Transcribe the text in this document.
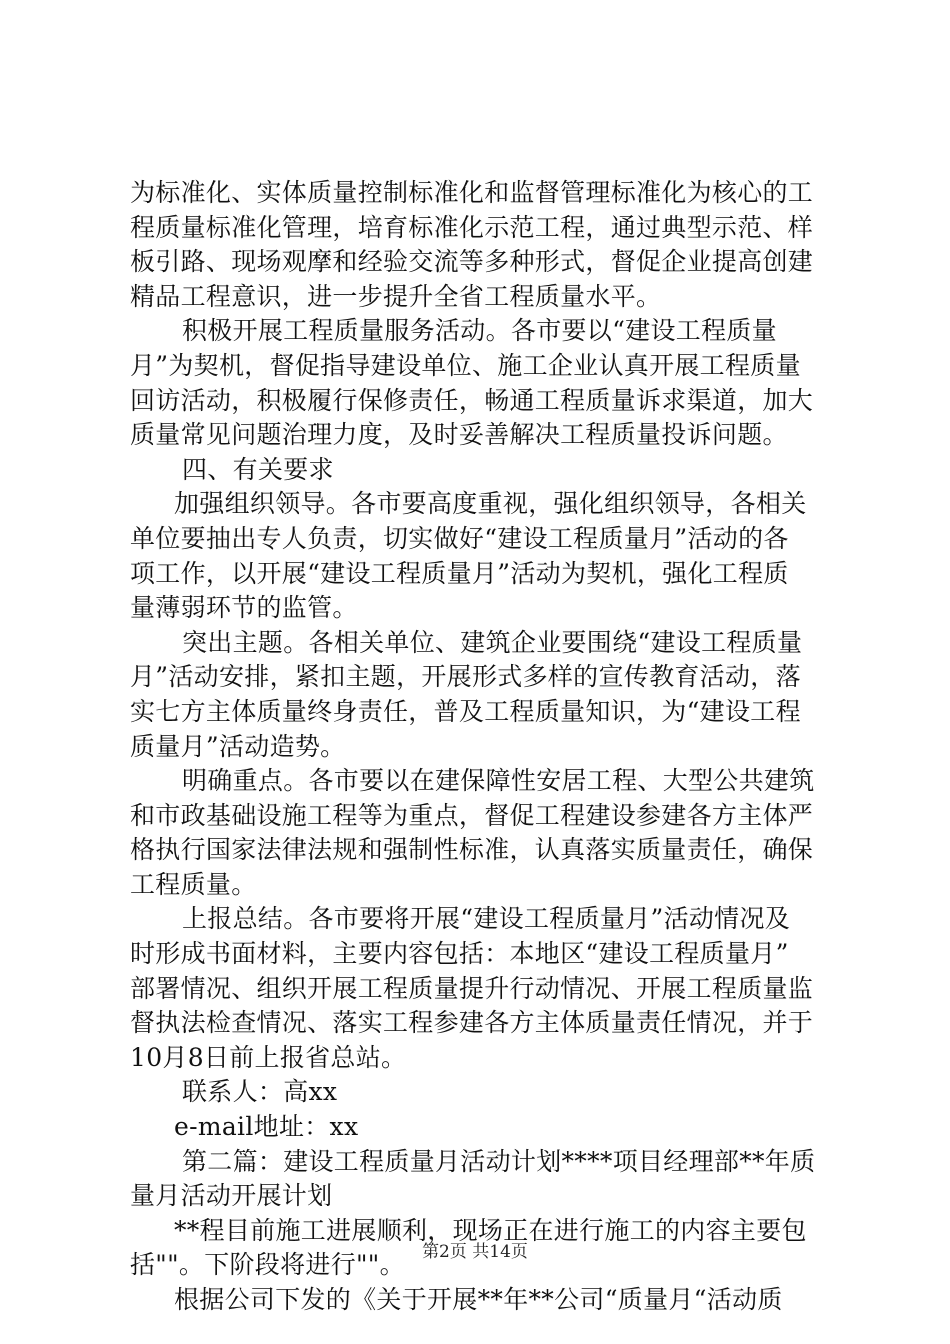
为标准化、实体质量控制标准化和监督管理标准化为核心的工
程质量标准化管理，培育标准化示范工程，通过典型示范、样
板引路、现场观摩和经验交流等多种形式，督促企业提高创建
精品工程意识，进一步提升全省工程质量水平。
积极开展工程质量服务活动。各市要以“建设工程质量
月”为契机，督促指导建设单位、施工企业认真开展工程质量
回访活动，积极履行保修责任，畅通工程质量诉求渠道，加大
质量常见问题治理力度，及时妥善解决工程质量投诉问题。
四、有关要求
加强组织领导。各市要高度重视，强化组织领导，各相关
单位要抽出专人负责，切实做好“建设工程质量月”活动的各
项工作，以开展“建设工程质量月”活动为契机，强化工程质
量薄弱环节的监管。
突出主题。各相关单位、建筑企业要围绕“建设工程质量
月”活动安排，紧扣主题，开展形式多样的宣传教育活动，落
实七方主体质量终身责任，普及工程质量知识，为“建设工程
质量月”活动造势。
明确重点。各市要以在建保障性安居工程、大型公共建筑
和市政基础设施工程等为重点，督促工程建设参建各方主体严
格执行国家法律法规和强制性标准，认真落实质量责任，确保
工程质量。
上报总结。各市要将开展“建设工程质量月”活动情况及
时形成书面材料，主要内容包括：本地区“建设工程质量月”
部署情况、组织开展工程质量提升行动情况、开展工程质量监
督执法检查情况、落实工程参建各方主体质量责任情况，并于
10月8日前上报省总站。
联系人：高xx
e-mail地址：xx
第二篇：建设工程质量月活动计划****项目经理部**年质
量月活动开展计划
**程目前施工进展顺利，现场正在进行施工的内容主要包
括""。下阶段将进行""。
根据公司下发的《关于开展**年**公司“质量月“活动质
第2页 共14页
